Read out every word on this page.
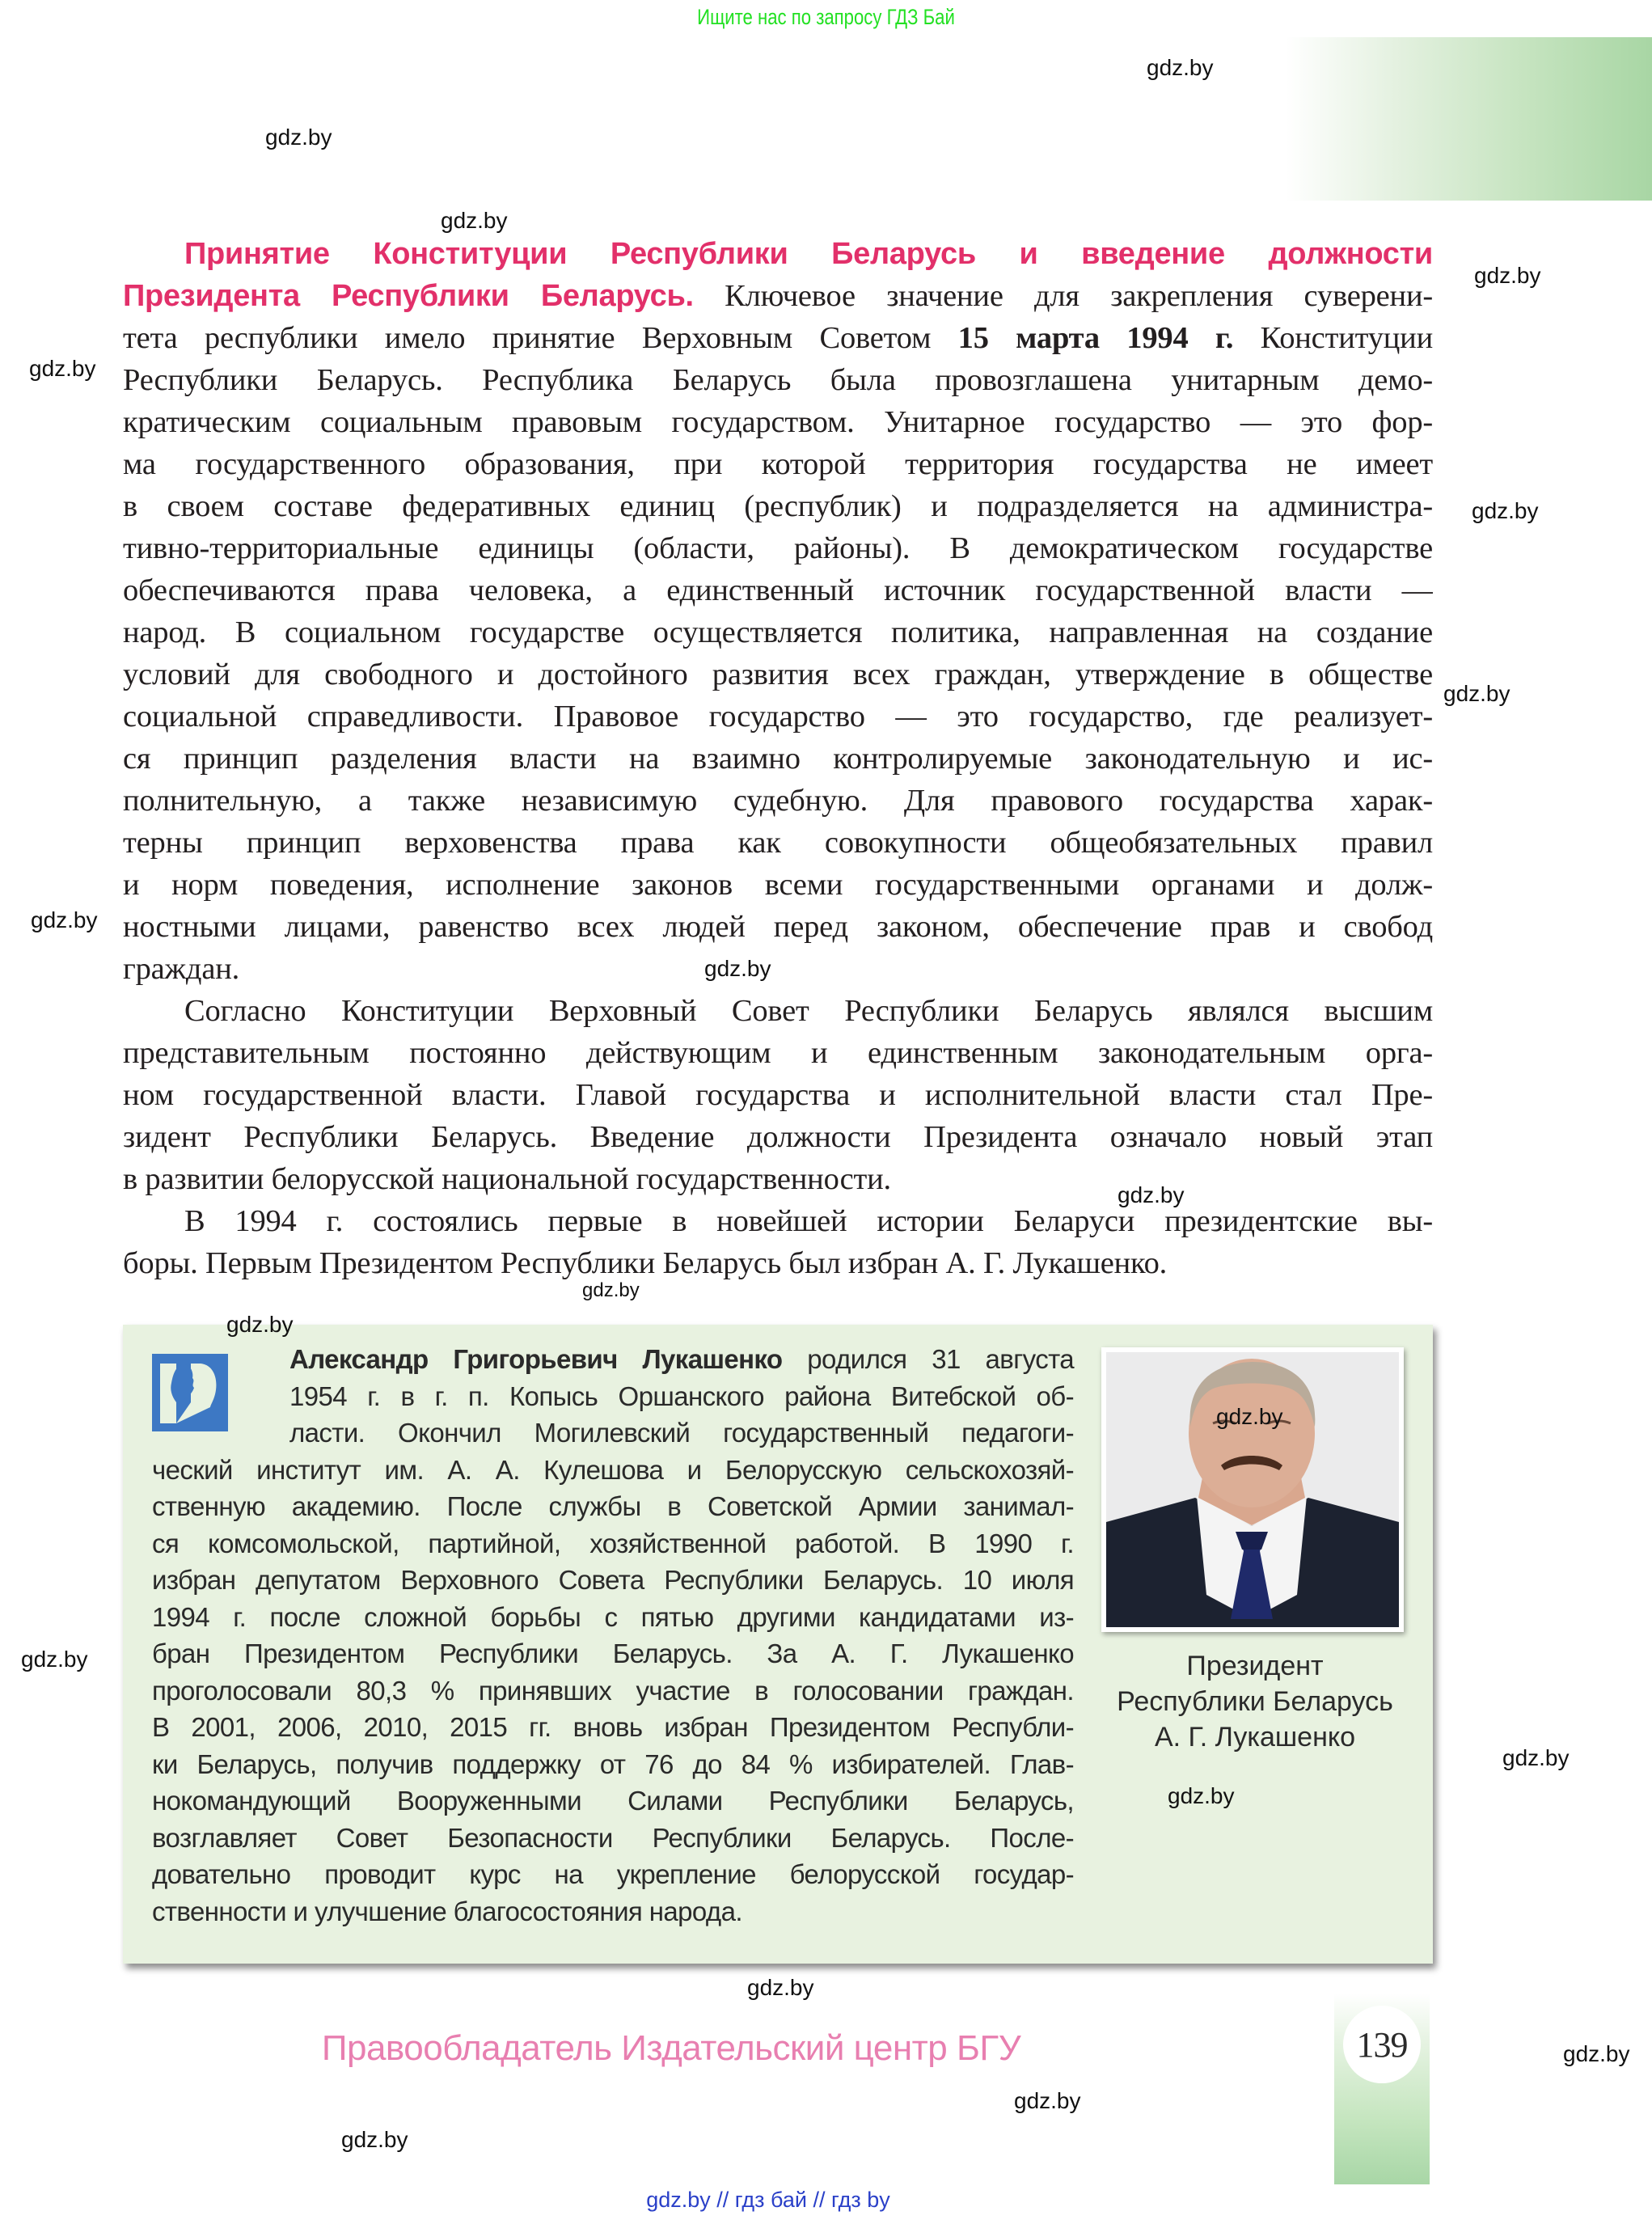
Ищите нас по запросу ГДЗ Бай
gdz.by
gdz.by
gdz.by
gdz.by
gdz.by
gdz.by
gdz.by
gdz.by
gdz.by
gdz.by
gdz.by
gdz.by
gdz.by
gdz.by
gdz.by
gdz.by
gdz.by
gdz.by
gdz.by
gdz.by
Принятие Конституции Республики Беларусь и введение должности
Президента Республики Беларусь. Ключевое значение для закрепления суверени-
тета республики имело принятие Верховным Советом 15 марта 1994 г. Конституции
Республики Беларусь. Республика Беларусь была провозглашена унитарным демо-
кратическим социальным правовым государством. Унитарное государство — это фор-
ма государственного образования, при которой территория государства не имеет
в своем составе федеративных единиц (республик) и подразделяется на администра-
тивно-территориальные единицы (области, районы). В демократическом государстве
обеспечиваются права человека, а единственный источник государственной власти —
народ. В социальном государстве осуществляется политика, направленная на создание
условий для свободного и достойного развития всех граждан, утверждение в обществе
социальной справедливости. Правовое государство — это государство, где реализует-
ся принцип разделения власти на взаимно контролируемые законодательную и ис-
полнительную, а также независимую судебную. Для правового государства харак-
терны принцип верховенства права как совокупности общеобязательных правил
и норм поведения, исполнение законов всеми государственными органами и долж-
ностными лицами, равенство всех людей перед законом, обеспечение прав и свобод
граждан.
Согласно Конституции Верховный Совет Республики Беларусь являлся высшим
представительным постоянно действующим и единственным законодательным орга-
ном государственной власти. Главой государства и исполнительной власти стал Пре-
зидент Республики Беларусь. Введение должности Президента означало новый этап
в развитии белорусской национальной государственности.
В 1994 г. состоялись первые в новейшей истории Беларуси президентские вы-
боры. Первым Президентом Республики Беларусь был избран А. Г. Лукашенко.
Александр Григорьевич Лукашенко родился 31 августа
1954 г. в г. п. Копысь Оршанского района Витебской об-
ласти. Окончил Могилевский государственный педагоги-
ческий институт им. А. А. Кулешова и Белорусскую сельскохозяй-
ственную академию. После службы в Советской Армии занимал-
ся комсомольской, партийной, хозяйственной работой. В 1990 г.
избран депутатом Верховного Совета Республики Беларусь. 10 июля
1994 г. после сложной борьбы с пятью другими кандидатами из-
бран Президентом Республики Беларусь. За А. Г. Лукашенко
проголосовали 80,3 % принявших участие в голосовании граждан.
В 2001, 2006, 2010, 2015 гг. вновь избран Президентом Республи-
ки Беларусь, получив поддержку от 76 до 84 % избирателей. Глав-
нокомандующий Вооруженными Силами Республики Беларусь,
возглавляет Совет Безопасности Республики Беларусь. После-
довательно проводит курс на укрепление белорусской государ-
ственности и улучшение благосостояния народа.
Президент
Республики Беларусь
А. Г. Лукашенко
Правообладатель Издательский центр БГУ	139
gdz.by // гдз бай // гдз by
